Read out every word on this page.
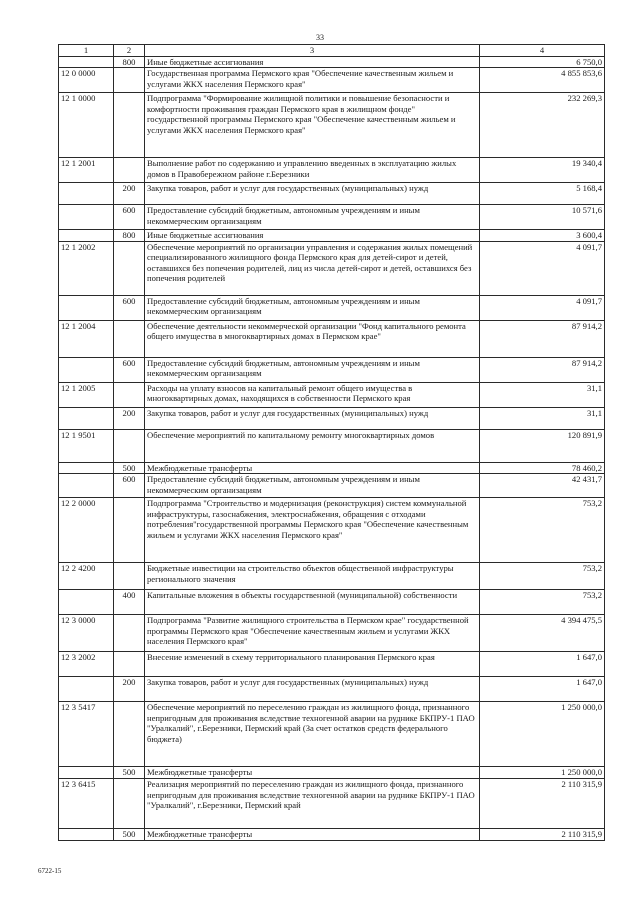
33
1	2	3	4
	800	Иные бюджетные ассигнования	6 750,0
12 0 0000		Государственная программа Пермского края "Обеспечение качественным жильем и услугами ЖКХ населения Пермского края"	4 855 853,6
12 1 0000		Подпрограмма "Формирование жилищной политики и повышение безопасности и комфортности проживания граждан Пермского края в жилищном фонде" государственной программы Пермского края "Обеспечение качественным жильем и услугами ЖКХ населения Пермского края"	232 269,3
12 1 2001		Выполнение работ по содержанию и управлению введенных в эксплуатацию жилых домов в Правобережном районе г.Березники	19 340,4
	200	Закупка товаров, работ и услуг для государственных (муниципальных) нужд	5 168,4
	600	Предоставление субсидий бюджетным, автономным учреждениям и иным некоммерческим организациям	10 571,6
	800	Иные бюджетные ассигнования	3 600,4
12 1 2002		Обеспечение мероприятий по организации управления и содержания жилых помещений специализированного жилищного фонда Пермского края для детей-сирот и детей, оставшихся без попечения родителей, лиц из числа детей-сирот и детей, оставшихся без попечения родителей	4 091,7
	600	Предоставление субсидий бюджетным, автономным учреждениям и иным некоммерческим организациям	4 091,7
12 1 2004		Обеспечение деятельности некоммерческой организации "Фонд капитального ремонта общего имущества в многоквартирных домах в Пермском крае"	87 914,2
	600	Предоставление субсидий бюджетным, автономным учреждениям и иным некоммерческим организациям	87 914,2
12 1 2005		Расходы на уплату взносов на капитальный ремонт общего имущества в многоквартирных домах, находящихся в собственности Пермского края	31,1
	200	Закупка товаров, работ и услуг для государственных (муниципальных) нужд	31,1
12 1 9501		Обеспечение мероприятий по капитальному ремонту многоквартирных домов	120 891,9
	500	Межбюджетные трансферты	78 460,2
	600	Предоставление субсидий бюджетным, автономным учреждениям и иным некоммерческим организациям	42 431,7
12 2 0000		Подпрограмма "Строительство и модернизация (реконструкция) систем коммунальной инфраструктуры, газоснабжения, электроснабжения, обращения с отходами потребления"государственной программы Пермского края "Обеспечение качественным жильем и услугами ЖКХ населения Пермского края"	753,2
12 2 4200		Бюджетные инвестиции на строительство объектов общественной инфраструктуры регионального значения	753,2
	400	Капитальные вложения в объекты государственной (муниципальной) собственности	753,2
12 3 0000		Подпрограмма "Развитие жилищного строительства в Пермском крае" государственной программы Пермского края "Обеспечение качественным жильем и услугами ЖКХ населения Пермского края"	4 394 475,5
12 3 2002		Внесение изменений в схему территориального планирования Пермского края	1 647,0
	200	Закупка товаров, работ и услуг для государственных (муниципальных) нужд	1 647,0
12 3 5417		Обеспечение мероприятий по переселению граждан из жилищного фонда, признанного непригодным для проживания вследствие техногенной аварии на руднике БКПРУ-1 ПАО "Уралкалий", г.Березники, Пермский край (За счет остатков средств федерального бюджета)	1 250 000,0
	500	Межбюджетные трансферты	1 250 000,0
12 3 6415		Реализация мероприятий по переселению граждан из жилищного фонда, признанного непригодным для проживания вследствие техногенной аварии на руднике БКПРУ-1 ПАО "Уралкалий", г.Березники, Пермский край	2 110 315,9
	500	Межбюджетные трансферты	2 110 315,9
6722-15
